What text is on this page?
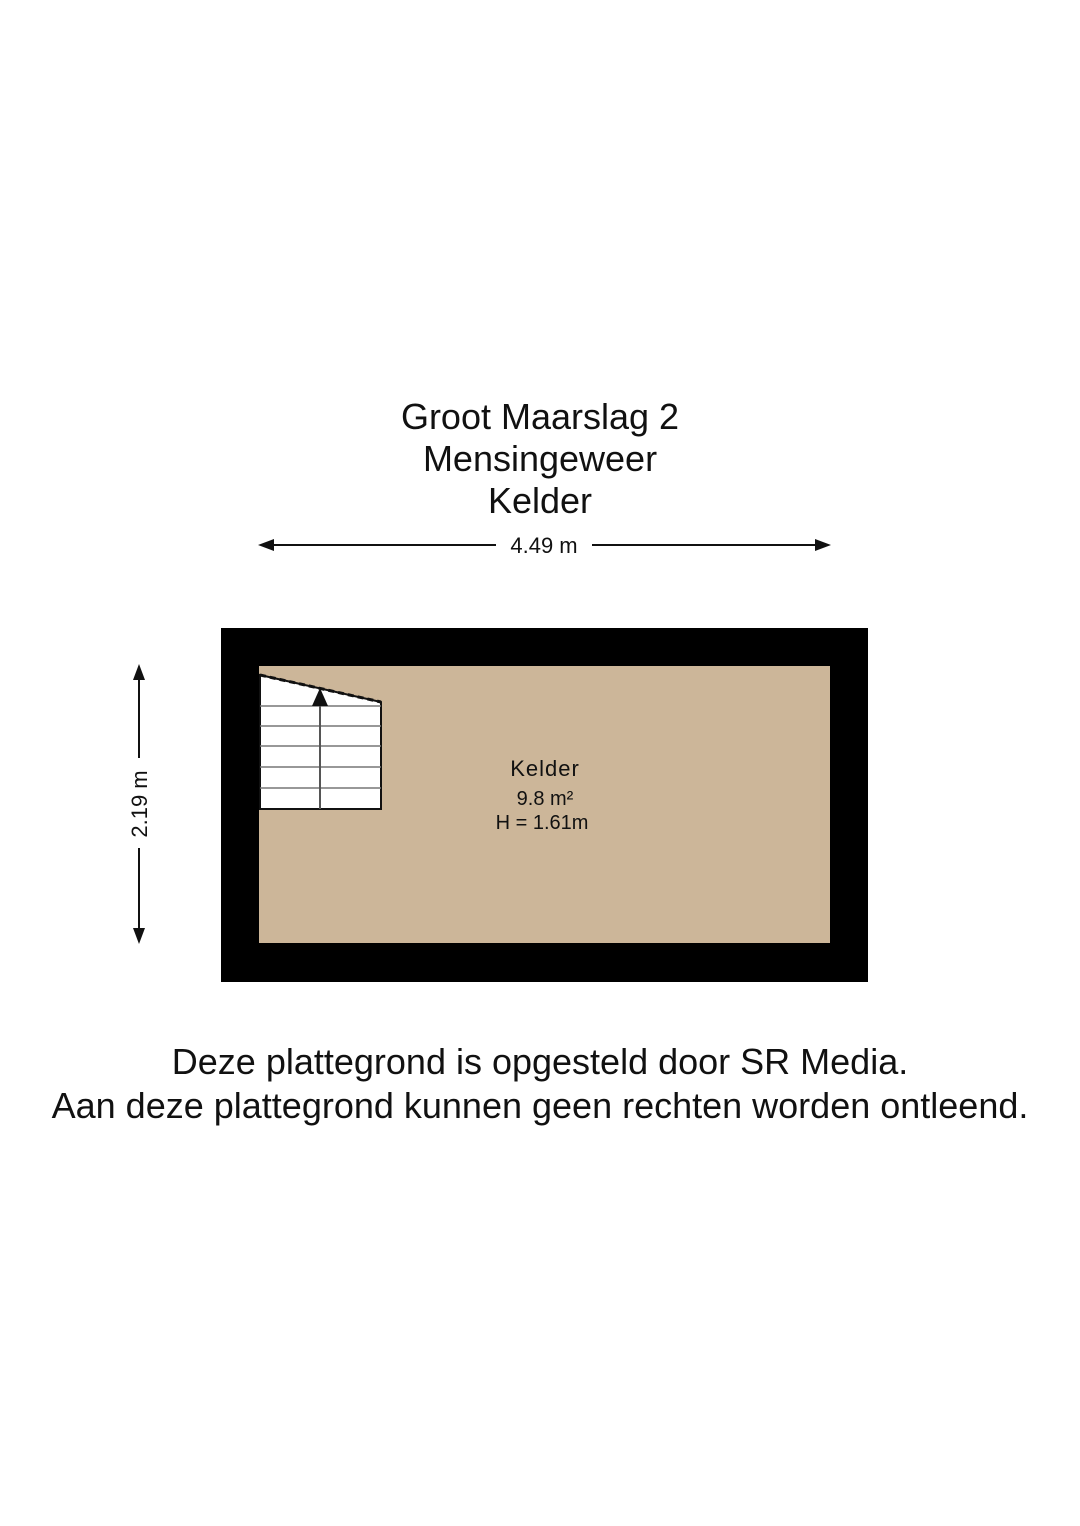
Groot Maarslag 2

Mensingeweer

Kelder

4.49 m
2.19 m
Kelder
9.8 m²
H = 1.61m

Deze plattegrond is opgesteld door SR Media.

Aan deze plattegrond kunnen geen rechten worden ontleend.
